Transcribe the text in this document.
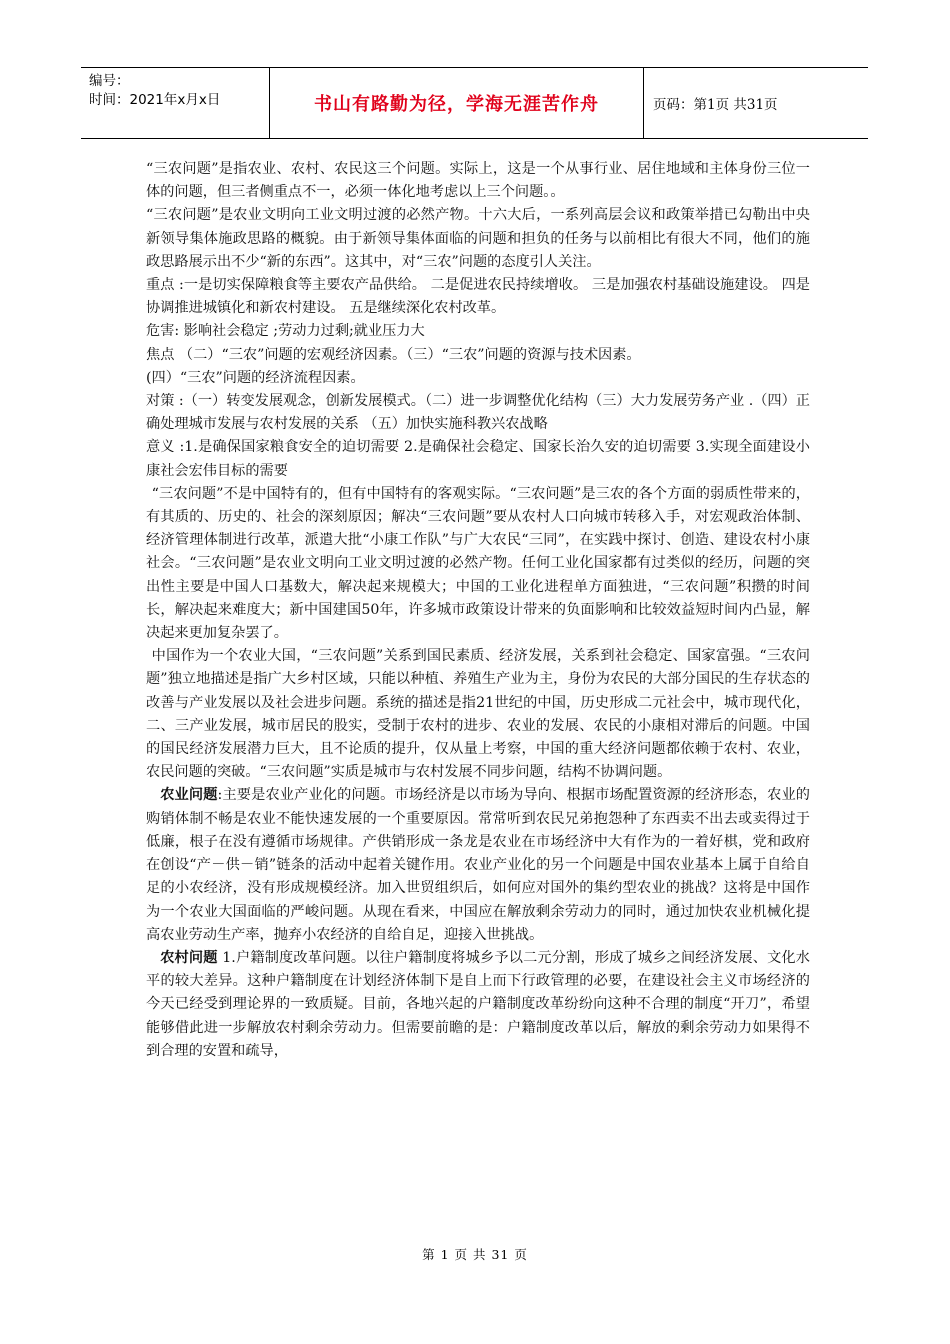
编号：
时间：2021年x月x日	书山有路勤为径，学海无涯苦作舟	页码：第1页 共31页

“三农问题”是指农业、农村、农民这三个问题。实际上，这是一个从事行业、居住地域和主体身份三位一体的问题，但三者侧重点不一，必须一体化地考虑以上三个问题。。

“三农问题”是农业文明向工业文明过渡的必然产物。十六大后，一系列高层会议和政策举措已勾勒出中央新领导集体施政思路的概貌。由于新领导集体面临的问题和担负的任务与以前相比有很大不同，他们的施政思路展示出不少“新的东西”。这其中，对“三农”问题的态度引人关注。

重点 :一是切实保障粮食等主要农产品供给。 二是促进农民持续增收。 三是加强农村基础设施建设。 四是协调推进城镇化和新农村建设。 五是继续深化农村改革。

危害: 影响社会稳定 ;劳动力过剩;就业压力大

焦点 （二）“三农”问题的宏观经济因素。（三）“三农”问题的资源与技术因素。

(四）“三农”问题的经济流程因素。

对策 :（一）转变发展观念，创新发展模式。（二）进一步调整优化结构（三）大力发展劳务产业 .（四）正确处理城市发展与农村发展的关系 （五）加快实施科教兴农战略

意义 :1.是确保国家粮食安全的迫切需要 2.是确保社会稳定、国家长治久安的迫切需要 3.实现全面建设小康社会宏伟目标的需要

“三农问题”不是中国特有的，但有中国特有的客观实际。“三农问题”是三农的各个方面的弱质性带来的，有其质的、历史的、社会的深刻原因；解决“三农问题”要从农村人口向城市转移入手，对宏观政治体制、经济管理体制进行改革，派遣大批“小康工作队”与广大农民“三同”，在实践中探讨、创造、建设农村小康社会。“三农问题”是农业文明向工业文明过渡的必然产物。任何工业化国家都有过类似的经历，问题的突出性主要是中国人口基数大，解决起来规模大；中国的工业化进程单方面独进，“三农问题”积攒的时间长，解决起来难度大；新中国建国50年，许多城市政策设计带来的负面影响和比较效益短时间内凸显，解决起来更加复杂罢了。

中国作为一个农业大国，“三农问题”关系到国民素质、经济发展，关系到社会稳定、国家富强。“三农问题”独立地描述是指广大乡村区域，只能以种植、养殖生产业为主，身份为农民的大部分国民的生存状态的改善与产业发展以及社会进步问题。系统的描述是指21世纪的中国，历史形成二元社会中，城市现代化，二、三产业发展，城市居民的股实，受制于农村的进步、农业的发展、农民的小康相对滞后的问题。中国的国民经济发展潜力巨大，且不论质的提升，仅从量上考察，中国的重大经济问题都依赖于农村、农业，农民问题的突破。“三农问题”实质是城市与农村发展不同步问题，结构不协调问题。

农业问题:主要是农业产业化的问题。市场经济是以市场为导向、根据市场配置资源的经济形态，农业的购销体制不畅是农业不能快速发展的一个重要原因。常常听到农民兄弟抱怨种了东西卖不出去或卖得过于低廉，根子在没有遵循市场规律。产供销形成一条龙是农业在市场经济中大有作为的一着好棋，党和政府在创设“产－供－销”链条的活动中起着关键作用。农业产业化的另一个问题是中国农业基本上属于自给自足的小农经济，没有形成规模经济。加入世贸组织后，如何应对国外的集约型农业的挑战？这将是中国作为一个农业大国面临的严峻问题。从现在看来，中国应在解放剩余劳动力的同时，通过加快农业机械化提高农业劳动生产率，抛弃小农经济的自给自足，迎接入世挑战。

农村问题 1.户籍制度改革问题。以往户籍制度将城乡予以二元分割，形成了城乡之间经济发展、文化水平的较大差异。这种户籍制度在计划经济体制下是自上而下行政管理的必要，在建设社会主义市场经济的今天已经受到理论界的一致质疑。目前，各地兴起的户籍制度改革纷纷向这种不合理的制度“开刀”，希望能够借此进一步解放农村剩余劳动力。但需要前瞻的是：户籍制度改革以后，解放的剩余劳动力如果得不到合理的安置和疏导，

第 1 页 共 31 页
